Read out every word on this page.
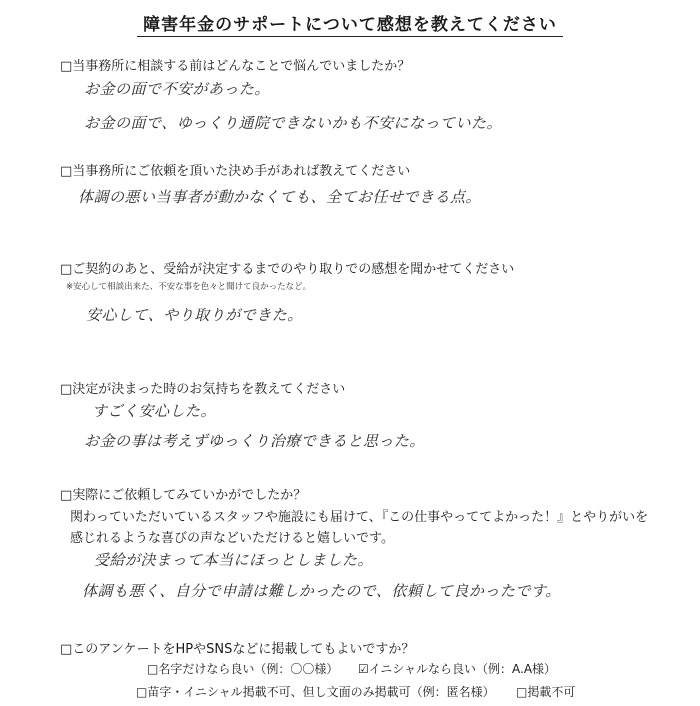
障害年金のサポートについて感想を教えてください
□当事務所に相談する前はどんなことで悩んでいましたか？
お金の面で不安があった。
お金の面で、ゆっくり通院できないかも不安になっていた。
□当事務所にご依頼を頂いた決め手があれば教えてください
体調の悪い当事者が動かなくても、全てお任せできる点。
□ご契約のあと、受給が決定するまでのやり取りでの感想を聞かせてください
※安心して相談出来た、不安な事を色々と聞けて良かったなど。
安心して、やり取りができた。
□決定が決まった時のお気持ちを教えてください
すごく安心した。
お金の事は考えずゆっくり治療できると思った。
□実際にご依頼してみていかがでしたか？
関わっていただいているスタッフや施設にも届けて、『この仕事やっててよかった！』とやりがいを
感じれるような喜びの声などいただけると嬉しいです。
受給が決まって本当にほっとしました。
体調も悪く、自分で申請は難しかったので、依頼して良かったです。
□このアンケートをHPやSNSなどに掲載してもよいですか？
□名字だけなら良い（例：〇〇様） ☑イニシャルなら良い（例：A.A様）
□苗字・イニシャル掲載不可、但し文面のみ掲載可（例：匿名様） □掲載不可
